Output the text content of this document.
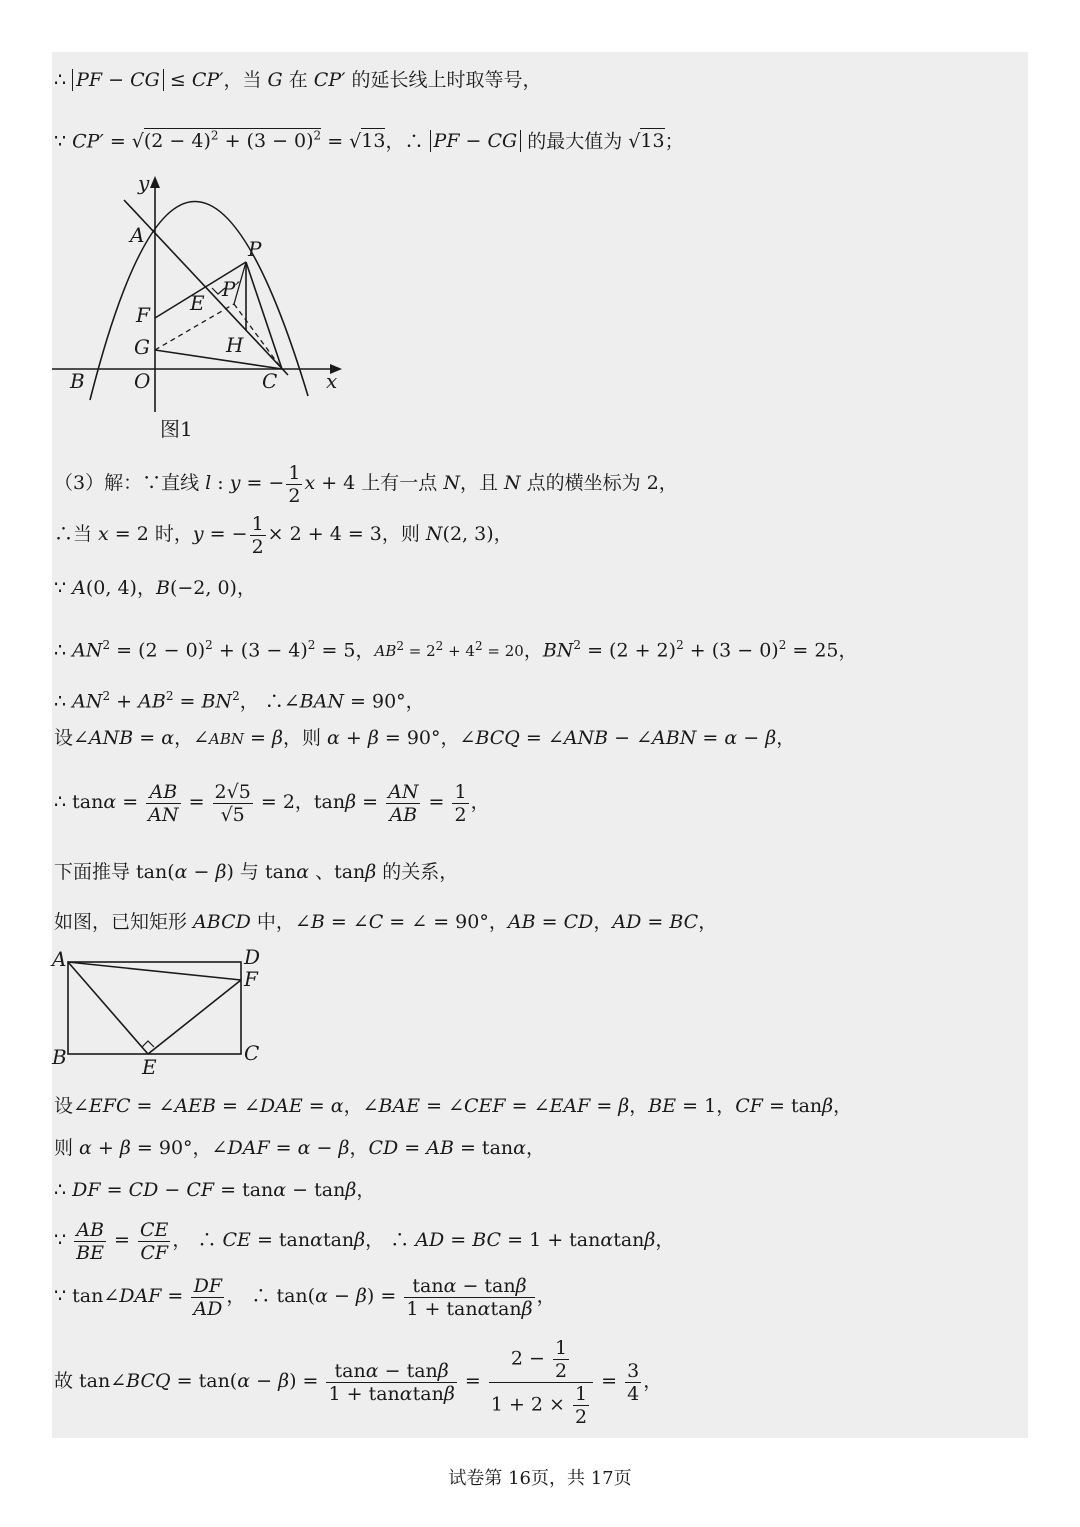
∴ PF − CG ≤ CP′，当 G 在 CP′ 的延长线上时取等号，
∵ $CP' = √(2 - 4)^2 + (3 - 0)^2 = √13$，∴ PF − CG 的最大值为 √13；
y
x
A
P
E
P′
F
G	H
B O	C
图1
（3）解：∵直线 l : y = − $\frac{1}{2}$ x + 4 上有一点 N，且 N 点的横坐标为 2，
∴当 x = 2 时，y = − $\frac{1}{2} \times 2 + 4 = 3$，则 N(2, 3)，
∵ A(0, 4)，B(−2, 0)，
∴ $AN^2 = (2 - 0)^2 + (3 - 4)^2 = 5$，$AB^2 = 2^2 + 4^2 = 20$，$BN^2 = (2 + 2)^2 + (3 - 0)^2 = 25$，
∴ $AN^2 + AB^2 = BN^2$， ∴∠BAN = 90°，
设∠ANB = α，∠ABN = β，则 α + β = 90°，∠BCQ = ∠ANB − ∠ABN = α − β，
∴ $\tan\alpha = \frac{AB}{AN} = \frac{2√5}{√5} = 2$，$\tan\beta = \frac{AN}{AB} = \frac{1}{2}$ ，
下面推导 tan(α − β) 与 tanα 、tanβ 的关系，
如图，已知矩形 ABCD 中，∠B = ∠C = ∠ = 90°，AB = CD，AD = BC，
A	D
F
B	C
E
设∠EFC = ∠AEB = ∠DAE = α，∠BAE = ∠CEF = ∠EAF = β，BE = 1，CF = tanβ，
则 α + β = 90°，∠DAF = α − β，CD = AB = tanα，
∴ DF = CD − CF = tanα − tanβ，
∵ $\frac{AB}{BE} = \frac{CE}{CF}$ ， ∴ CE = tanαtanβ， ∴ AD = BC = 1 + tanαtanβ，
∵ tan∠DAF = $\frac{DF}{AD}$ ， ∴ $\tan(\alpha - \beta) = \frac{\tan\alpha - \tan\beta}{1 + \tan\alpha\tan\beta}$ ，
故 tan∠BCQ = $\tan(\alpha - \beta) = \frac{\tan\alpha - \tan\beta}{1 + \tan\alpha\tan\beta} = \frac{2 - \frac{1}{2}}{1 + 2 \times \frac{1}{2}} = \frac{3}{4}$ ，
试卷第 16页，共 17页
